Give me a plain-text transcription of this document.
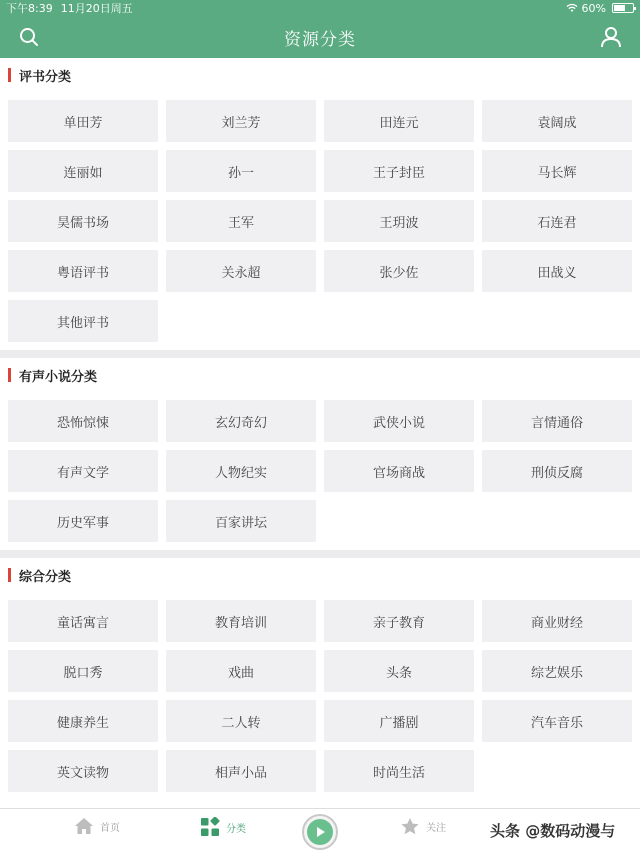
下午8:39 11月20日周五	60%
资源分类
评书分类
单田芳	刘兰芳	田连元	袁阔成
连丽如	孙一	王子封臣	马长辉
昊儒书场	王军	王玥波	石连君
粤语评书	关永超	张少佐	田战义
其他评书
有声小说分类
恐怖惊悚	玄幻奇幻	武侠小说	言情通俗
有声文学	人物纪实	官场商战	刑侦反腐
历史军事	百家讲坛
综合分类
童话寓言	教育培训	亲子教育	商业财经
脱口秀	戏曲	头条	综艺娱乐
健康养生	二人转	广播剧	汽车音乐
英文读物	相声小品	时尚生活
首页	分类	关注	头条 @数码动漫与
